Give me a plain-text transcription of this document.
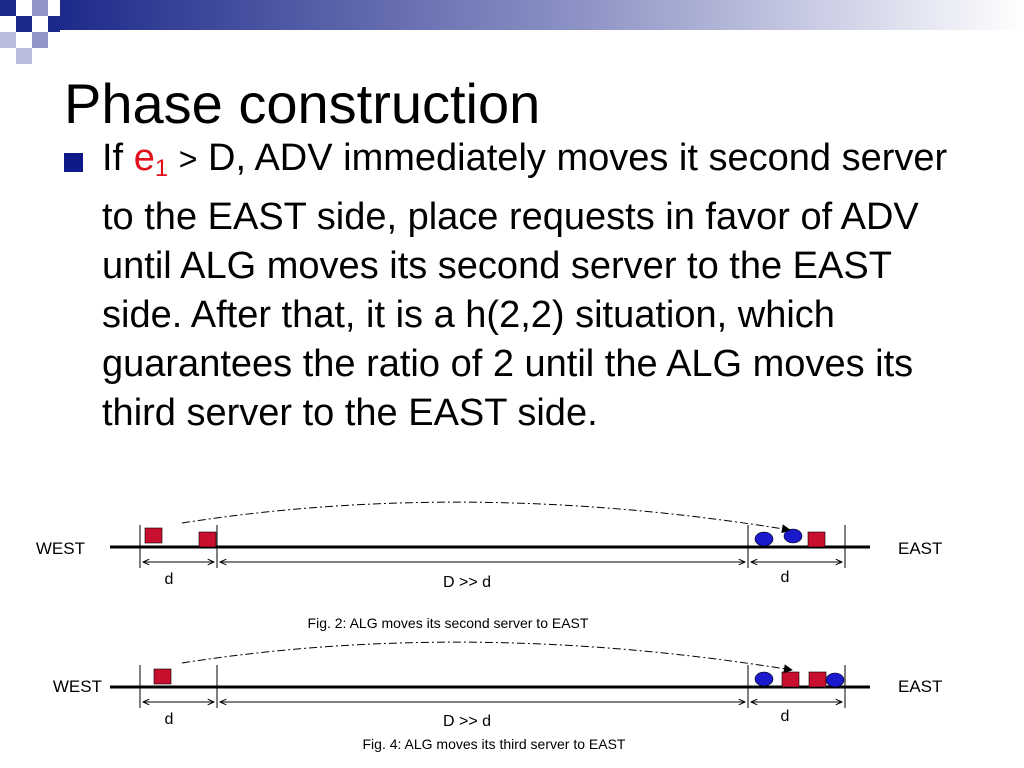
Phase construction

If $e_1 > D$, ADV immediately moves it second server to the EAST side, place requests in favor of ADV until ALG moves its second server to the EAST side. After that, it is a h(2,2) situation, which guarantees the ratio of 2 until the ALG moves its third server to the EAST side.

WEST	EAST
d	D >> d	d
Fig. 2: ALG moves its second server to EAST
WEST	EAST
d	D >> d	d
Fig. 4: ALG moves its third server to EAST
